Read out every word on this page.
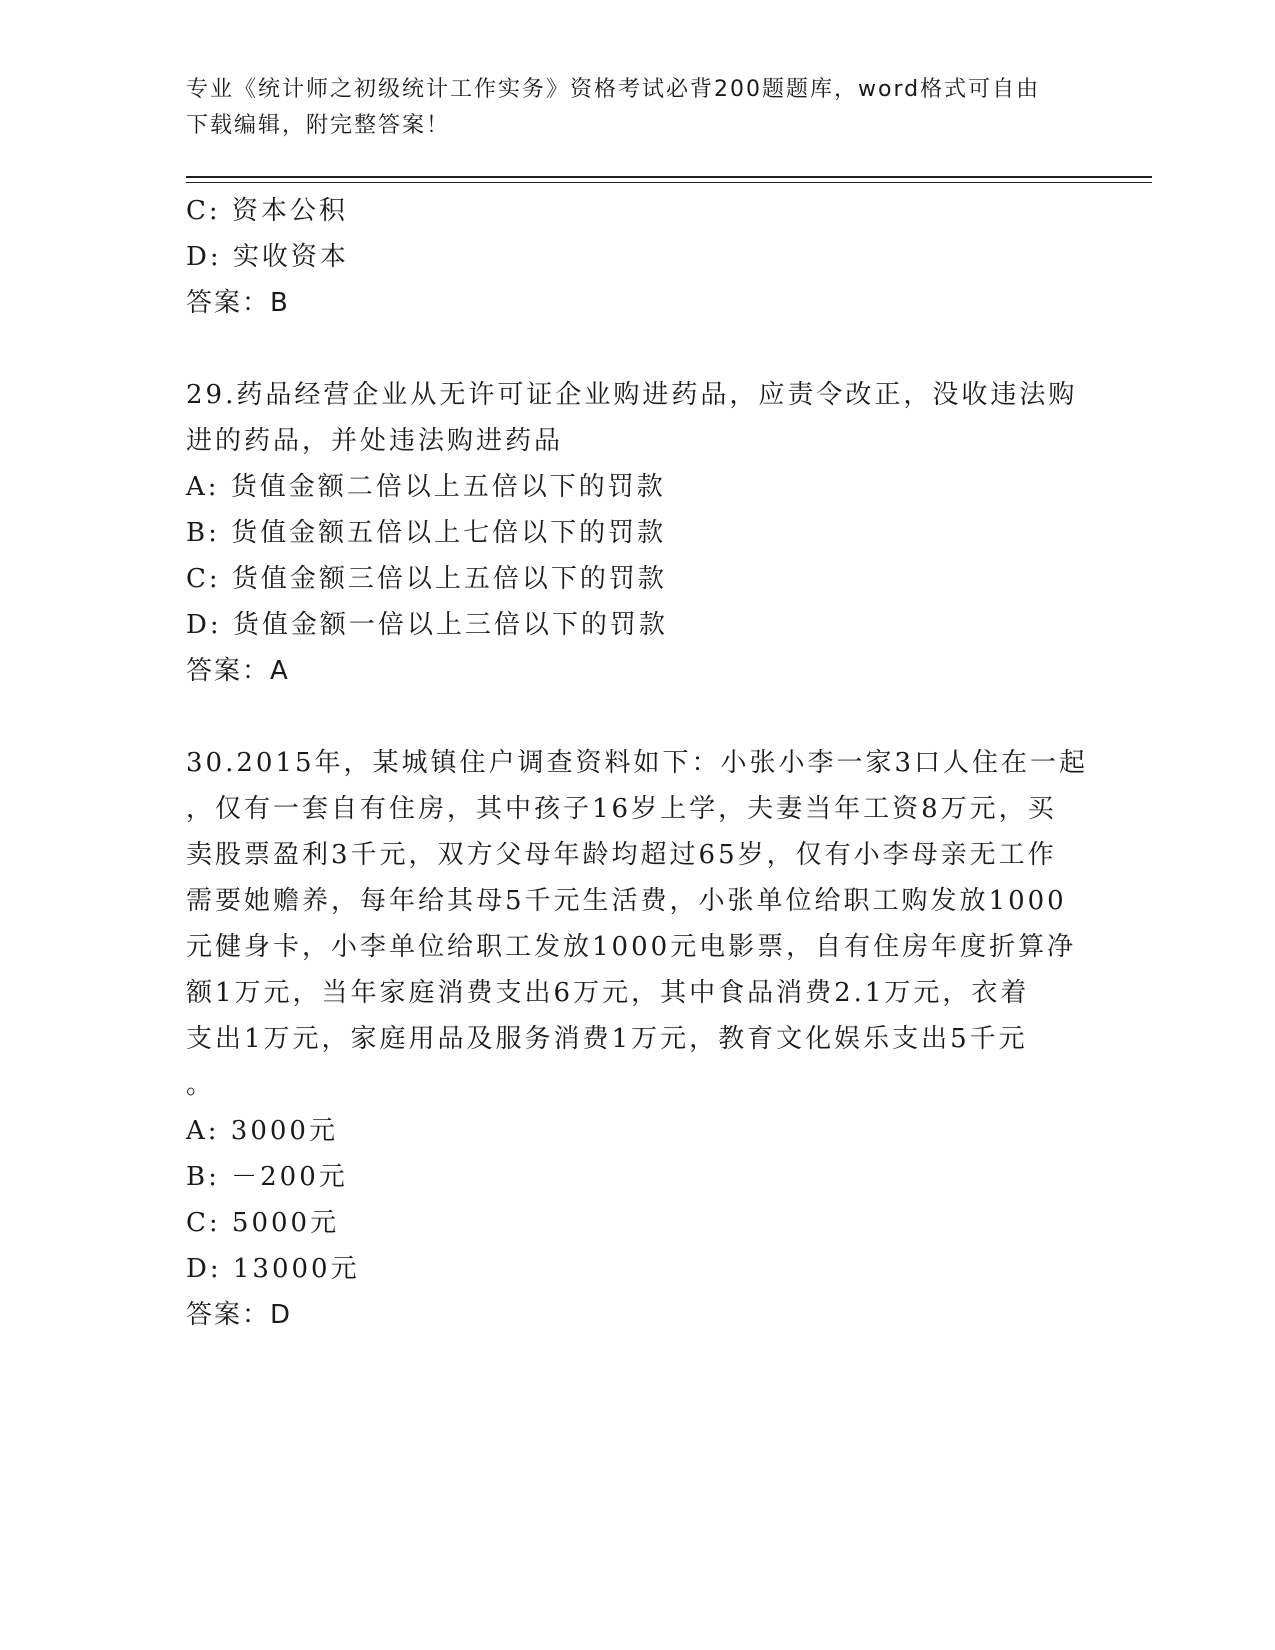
专业《统计师之初级统计工作实务》资格考试必背200题题库，word格式可自由
下载编辑，附完整答案！
C: 资本公积
D: 实收资本
答案：B
29.药品经营企业从无许可证企业购进药品，应责令改正，没收违法购
进的药品，并处违法购进药品
A: 货值金额二倍以上五倍以下的罚款
B: 货值金额五倍以上七倍以下的罚款
C: 货值金额三倍以上五倍以下的罚款
D: 货值金额一倍以上三倍以下的罚款
答案：A
30.2015年，某城镇住户调查资料如下：小张小李一家3口人住在一起
，仅有一套自有住房，其中孩子16岁上学，夫妻当年工资8万元，买
卖股票盈利3千元，双方父母年龄均超过65岁，仅有小李母亲无工作
需要她赡养，每年给其母5千元生活费，小张单位给职工购发放1000
元健身卡，小李单位给职工发放1000元电影票，自有住房年度折算净
额1万元，当年家庭消费支出6万元，其中食品消费2.1万元，衣着
支出1万元，家庭用品及服务消费1万元，教育文化娱乐支出5千元
。
A: 3000元
B: －200元
C: 5000元
D: 13000元
答案：D
